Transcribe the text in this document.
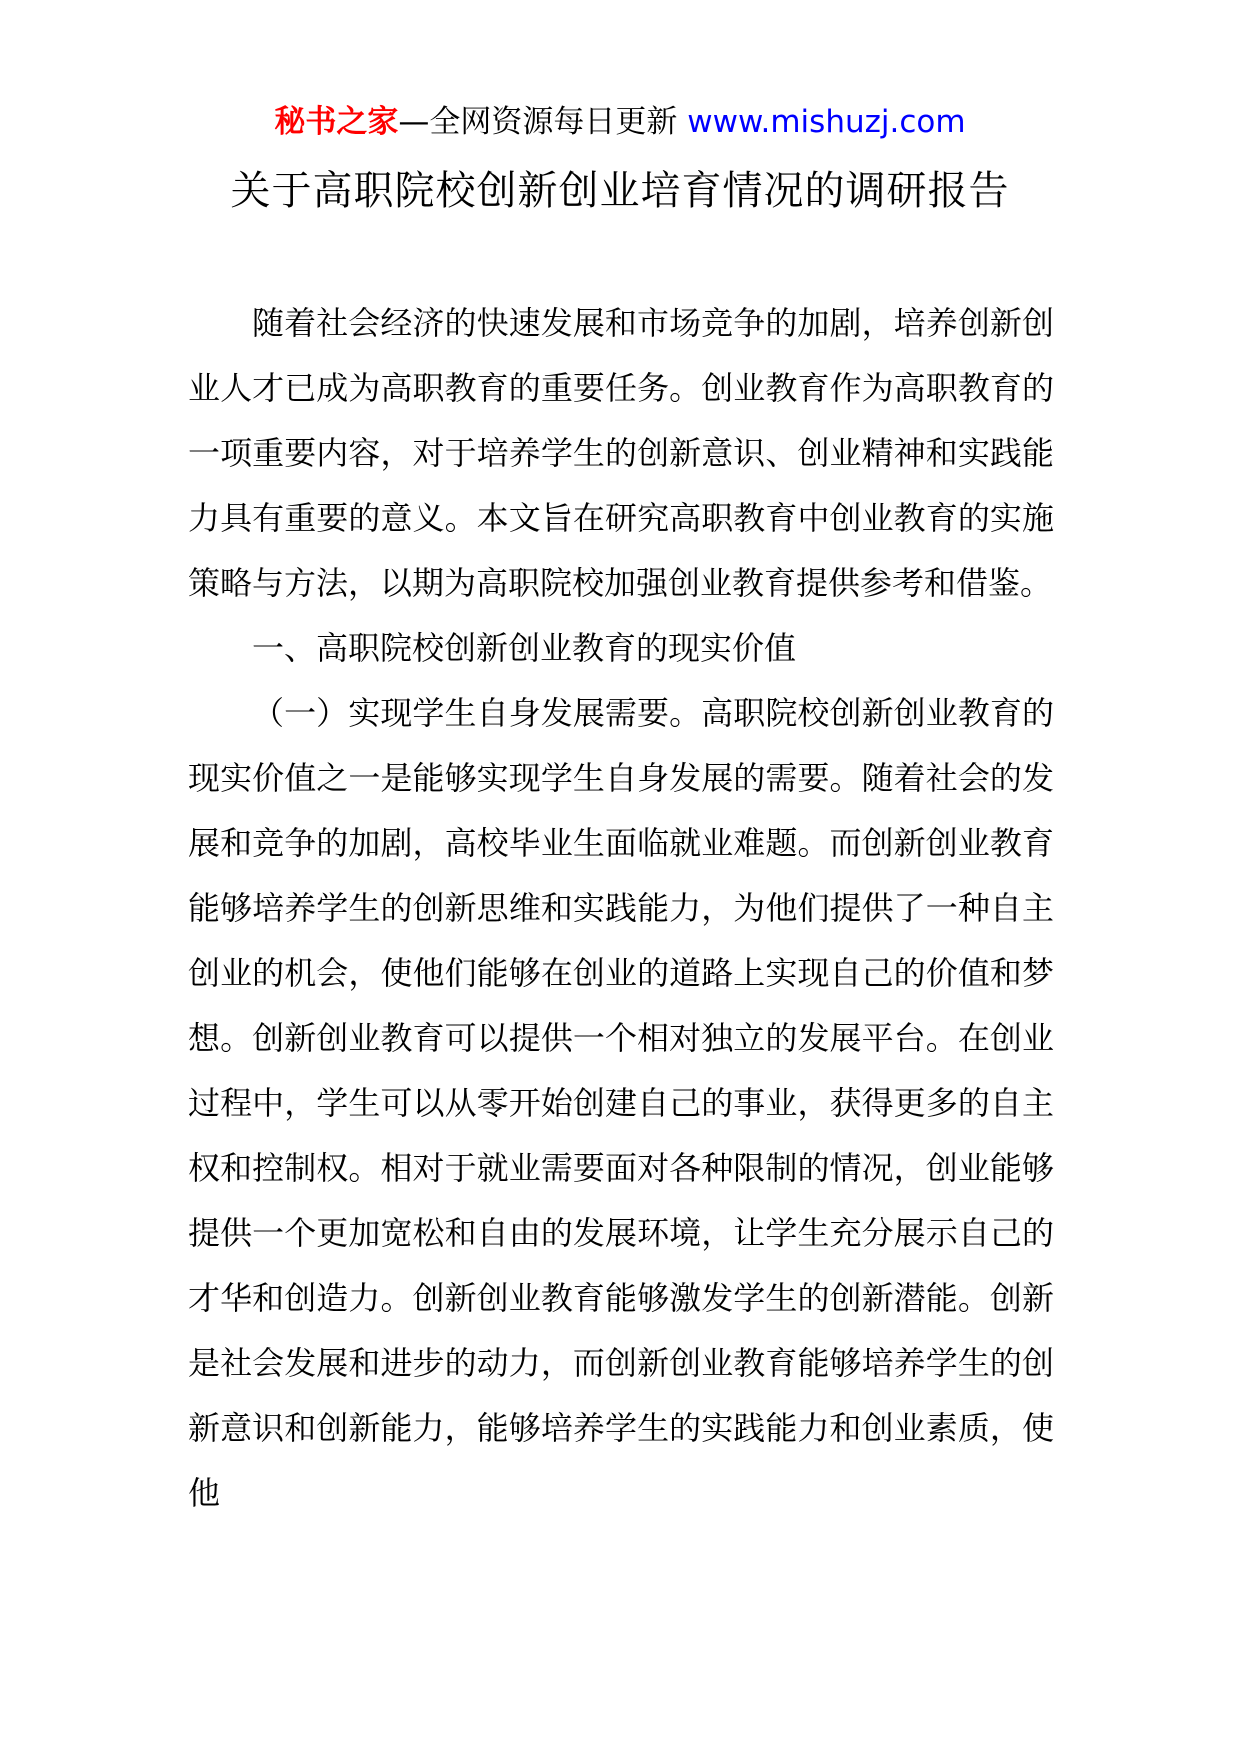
秘书之家—全网资源每日更新 www.mishuzj.com
关于高职院校创新创业培育情况的调研报告

随着社会经济的快速发展和市场竞争的加剧，培养创新创业人才已成为高职教育的重要任务。创业教育作为高职教育的一项重要内容，对于培养学生的创新意识、创业精神和实践能力具有重要的意义。本文旨在研究高职教育中创业教育的实施策略与方法，以期为高职院校加强创业教育提供参考和借鉴。

一、高职院校创新创业教育的现实价值

（一）实现学生自身发展需要。高职院校创新创业教育的现实价值之一是能够实现学生自身发展的需要。随着社会的发展和竞争的加剧，高校毕业生面临就业难题。而创新创业教育能够培养学生的创新思维和实践能力，为他们提供了一种自主创业的机会，使他们能够在创业的道路上实现自己的价值和梦想。创新创业教育可以提供一个相对独立的发展平台。在创业过程中，学生可以从零开始创建自己的事业，获得更多的自主权和控制权。相对于就业需要面对各种限制的情况，创业能够提供一个更加宽松和自由的发展环境，让学生充分展示自己的才华和创造力。创新创业教育能够激发学生的创新潜能。创新是社会发展和进步的动力，而创新创业教育能够培养学生的创新意识和创新能力，能够培养学生的实践能力和创业素质，使他
